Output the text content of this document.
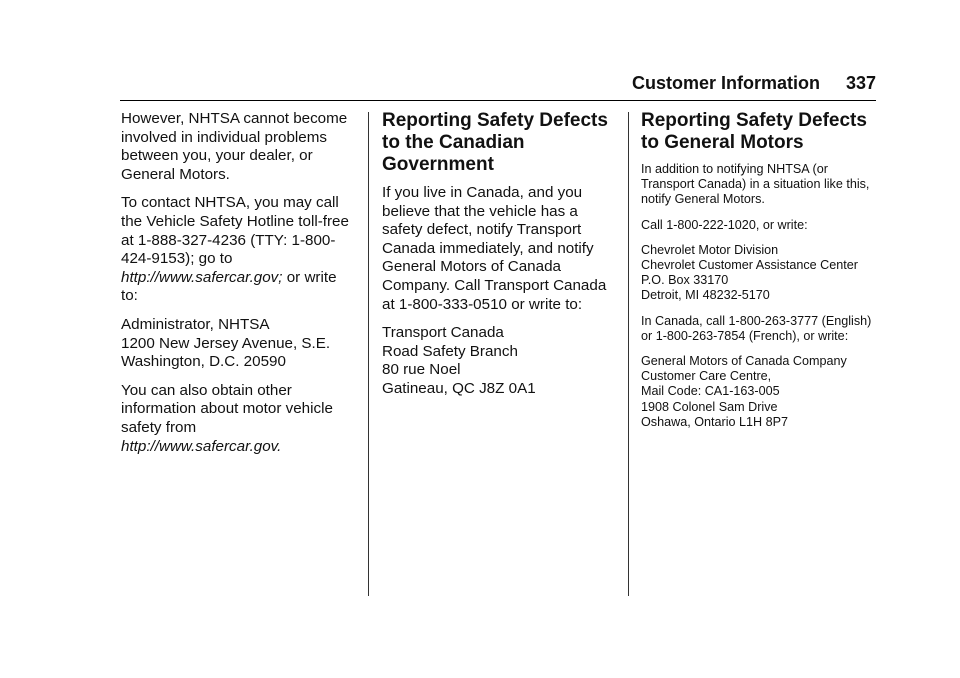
Customer Information 337

However, NHTSA cannot become involved in individual problems between you, your dealer, or General Motors.

To contact NHTSA, you may call the Vehicle Safety Hotline toll-free at 1-888-327-4236 (TTY: 1-800-424-9153); go to http://www.safercar.gov; or write to:

Administrator, NHTSA
1200 New Jersey Avenue, S.E.
Washington, D.C. 20590

You can also obtain other information about motor vehicle safety from http://www.safercar.gov.

Reporting Safety Defects to the Canadian Government

If you live in Canada, and you believe that the vehicle has a safety defect, notify Transport Canada immediately, and notify General Motors of Canada Company. Call Transport Canada at 1-800-333-0510 or write to:

Transport Canada
Road Safety Branch
80 rue Noel
Gatineau, QC J8Z 0A1

Reporting Safety Defects to General Motors

In addition to notifying NHTSA (or Transport Canada) in a situation like this, notify General Motors.

Call 1-800-222-1020, or write:

Chevrolet Motor Division
Chevrolet Customer Assistance Center
P.O. Box 33170
Detroit, MI 48232-5170

In Canada, call 1-800-263-3777 (English) or 1-800-263-7854 (French), or write:

General Motors of Canada Company
Customer Care Centre,
Mail Code: CA1-163-005
1908 Colonel Sam Drive
Oshawa, Ontario L1H 8P7
